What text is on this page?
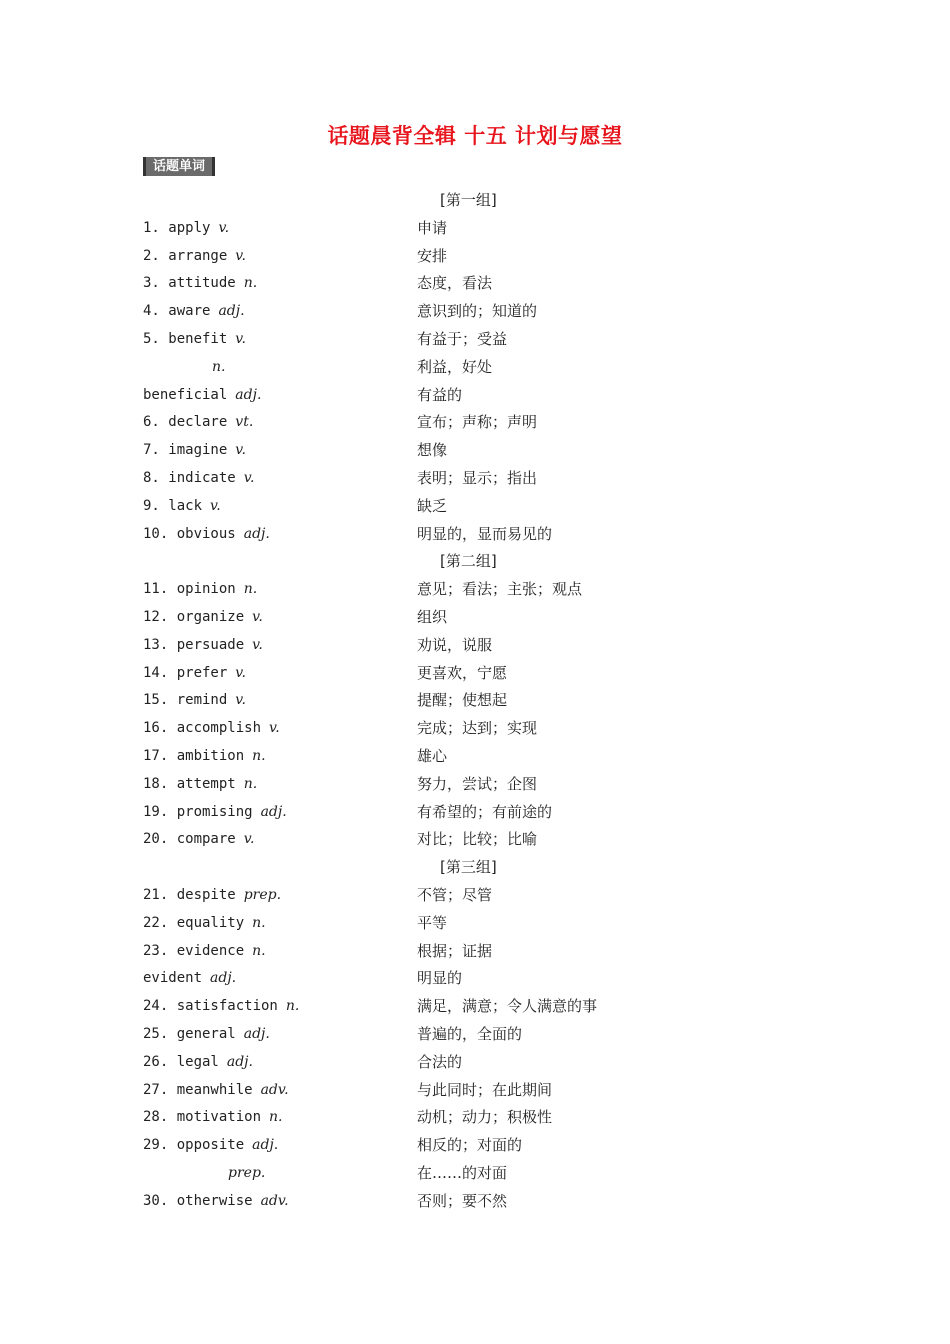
话题晨背全辑 十五 计划与愿望
话题单词
[第一组]
1. apply v.	申请
2. arrange v.	安排
3. attitude n.	态度，看法
4. aware adj.	意识到的；知道的
5. benefit v.	有益于；受益
n.	利益，好处
beneficial adj.	有益的
6. declare vt.	宣布；声称；声明
7. imagine v.	想像
8. indicate v.	表明；显示；指出
9. lack v.	缺乏
10. obvious adj.	明显的，显而易见的
[第二组]
11. opinion n.	意见；看法；主张；观点
12. organize v.	组织
13. persuade v.	劝说，说服
14. prefer v.	更喜欢，宁愿
15. remind v.	提醒；使想起
16. accomplish v.	完成；达到；实现
17. ambition n.	雄心
18. attempt n.	努力，尝试；企图
19. promising adj.	有希望的；有前途的
20. compare v.	对比；比较；比喻
[第三组]
21. despite prep.	不管；尽管
22. equality n.	平等
23. evidence n.	根据；证据
evident adj.	明显的
24. satisfaction n.	满足，满意；令人满意的事
25. general adj.	普遍的，全面的
26. legal adj.	合法的
27. meanwhile adv.	与此同时；在此期间
28. motivation n.	动机；动力；积极性
29. opposite adj.	相反的；对面的
prep.	在……的对面
30. otherwise adv.	否则；要不然
